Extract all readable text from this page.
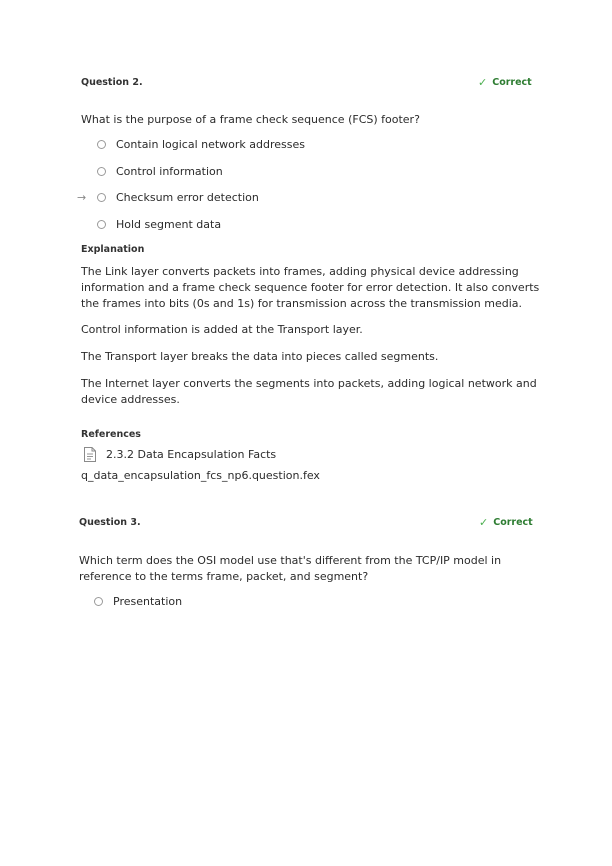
Question 2.	✓ Correct
What is the purpose of a frame check sequence (FCS) footer?
Contain logical network addresses
Control information
→	Checksum error detection
Hold segment data
Explanation
The Link layer converts packets into frames, adding physical device addressing information and a frame check sequence footer for error detection. It also converts the frames into bits (0s and 1s) for transmission across the transmission media.
Control information is added at the Transport layer.
The Transport layer breaks the data into pieces called segments.
The Internet layer converts the segments into packets, adding logical network and device addresses.
References
2.3.2 Data Encapsulation Facts
q_data_encapsulation_fcs_np6.question.fex
Question 3.	✓ Correct
Which term does the OSI model use that's different from the TCP/IP model in reference to the terms frame, packet, and segment?
Presentation
